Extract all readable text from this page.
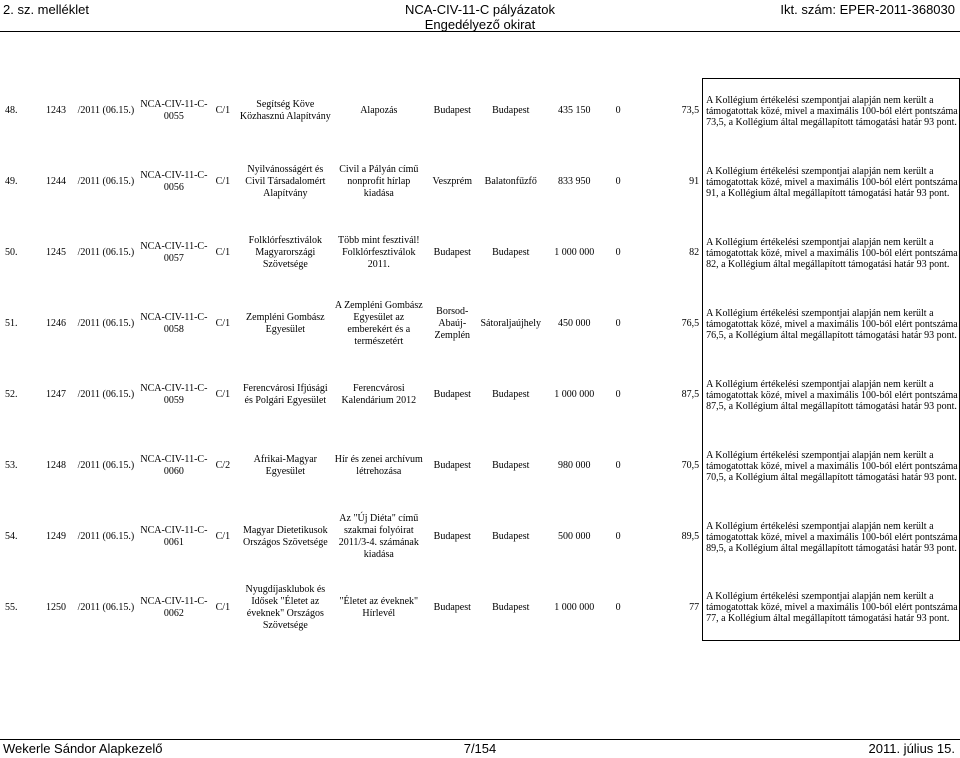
2. sz. melléklet	NCA-CIV-11-C pályázatok
Engedélyező okirat
Ikt. szám: EPER-2011-368030
48.	1243	/2011 (06.15.)	NCA-CIV-11-C-0055	C/1	Segítség Köve Közhasznú Alapítvány	Alapozás	Budapest	Budapest	435 150	0	73,5	A Kollégium értékelési szempontjai alapján nem került a támogatottak közé, mivel a maximális 100-ból elért pontszáma 73,5, a Kollégium által megállapított támogatási határ 93 pont.

49.	1244	/2011 (06.15.)	NCA-CIV-11-C-0056	C/1	Nyilvánosságért és Civil Társadalomért Alapítvány	Civil a Pályán című nonprofit hírlap kiadása	Veszprém	Balatonfűzfő	833 950	0	91	A Kollégium értékelési szempontjai alapján nem került a támogatottak közé, mivel a maximális 100-ból elért pontszáma 91, a Kollégium által megállapított támogatási határ 93 pont.

50.	1245	/2011 (06.15.)	NCA-CIV-11-C-0057	C/1	Folklórfesztiválok Magyarországi Szövetsége	Több mint fesztivál! Folklórfesztiválok 2011.	Budapest	Budapest	1 000 000	0	82	A Kollégium értékelési szempontjai alapján nem került a támogatottak közé, mivel a maximális 100-ból elért pontszáma 82, a Kollégium által megállapított támogatási határ 93 pont.

51.	1246	/2011 (06.15.)	NCA-CIV-11-C-0058	C/1	Zempléni Gombász Egyesület	A Zempléni Gombász Egyesület az emberekért és a természetért	Borsod-Abaúj-Zemplén	Sátoraljaújhely	450 000	0	76,5	A Kollégium értékelési szempontjai alapján nem került a támogatottak közé, mivel a maximális 100-ból elért pontszáma 76,5, a Kollégium által megállapított támogatási határ 93 pont.

52.	1247	/2011 (06.15.)	NCA-CIV-11-C-0059	C/1	Ferencvárosi Ifjúsági és Polgári Egyesület	Ferencvárosi Kalendárium 2012	Budapest	Budapest	1 000 000	0	87,5	A Kollégium értékelési szempontjai alapján nem került a támogatottak közé, mivel a maximális 100-ból elért pontszáma 87,5, a Kollégium által megállapított támogatási határ 93 pont.

53.	1248	/2011 (06.15.)	NCA-CIV-11-C-0060	C/2	Afrikai-Magyar Egyesület	Hír és zenei archívum létrehozása	Budapest	Budapest	980 000	0	70,5	A Kollégium értékelési szempontjai alapján nem került a támogatottak közé, mivel a maximális 100-ból elért pontszáma 70,5, a Kollégium által megállapított támogatási határ 93 pont.

54.	1249	/2011 (06.15.)	NCA-CIV-11-C-0061	C/1	Magyar Dietetikusok Országos Szövetsége	Az "Új Diéta" című szakmai folyóirat 2011/3-4. számának kiadása	Budapest	Budapest	500 000	0	89,5	A Kollégium értékelési szempontjai alapján nem került a támogatottak közé, mivel a maximális 100-ból elért pontszáma 89,5, a Kollégium által megállapított támogatási határ 93 pont.

55.	1250	/2011 (06.15.)	NCA-CIV-11-C-0062	C/1	Nyugdíjasklubok és Idősek "Életet az éveknek" Országos Szövetsége	"Életet az éveknek" Hírlevél	Budapest	Budapest	1 000 000	0	77	A Kollégium értékelési szempontjai alapján nem került a támogatottak közé, mivel a maximális 100-ból elért pontszáma 77, a Kollégium által megállapított támogatási határ 93 pont.
Wekerle Sándor Alapkezelő	7/154	2011. július 15.
